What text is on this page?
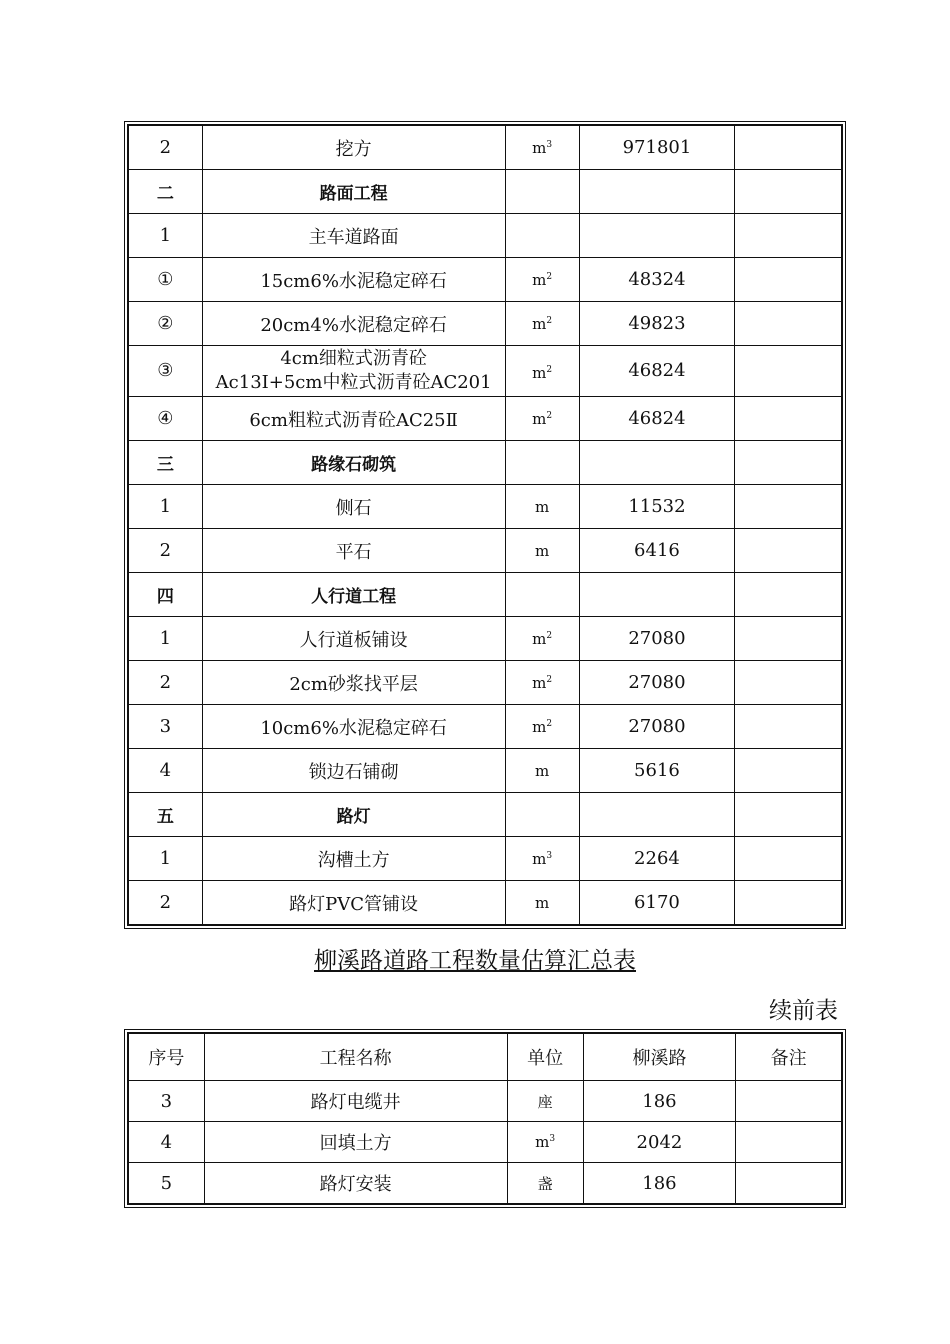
2	挖方	$m^3$	971801	
二	路面工程			
1	主车道路面			
①	15cm6%水泥稳定碎石	$m^2$	48324	
②	20cm4%水泥稳定碎石	$m^2$	49823	
③	4cm细粒式沥青砼
Ac13I+5cm中粒式沥青砼AC201	$m^2$	46824	
④	6cm粗粒式沥青砼AC25Ⅱ	$m^2$	46824	
三	路缘石砌筑			
1	侧石	m	11532	
2	平石	m	6416	
四	人行道工程			
1	人行道板铺设	$m^2$	27080	
2	2cm砂浆找平层	$m^2$	27080	
3	10cm6%水泥稳定碎石	$m^2$	27080	
4	锁边石铺砌	m	5616	
五	路灯			
1	沟槽土方	$m^3$	2264	
2	路灯PVC管铺设	m	6170	
柳溪路道路工程数量估算汇总表
续前表
序号	工程名称	单位	柳溪路	备注
3	路灯电缆井	座	186	
4	回填土方	$m^3$	2042	
5	路灯安装	盏	186	
